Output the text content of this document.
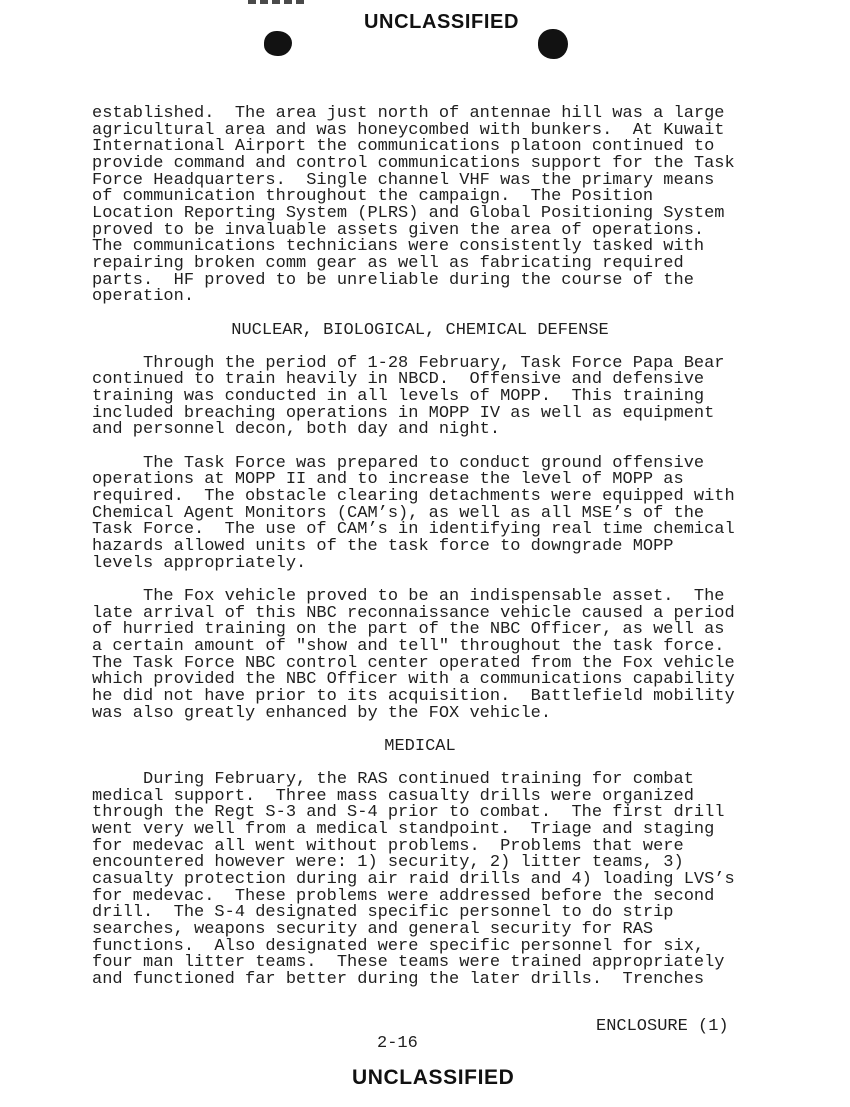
UNCLASSIFIED
established.  The area just north of antennae hill was a large
agricultural area and was honeycombed with bunkers.  At Kuwait
International Airport the communications platoon continued to
provide command and control communications support for the Task
Force Headquarters.  Single channel VHF was the primary means
of communication throughout the campaign.  The Position
Location Reporting System (PLRS) and Global Positioning System
proved to be invaluable assets given the area of operations.
The communications technicians were consistently tasked with
repairing broken comm gear as well as fabricating required
parts.  HF proved to be unreliable during the course of the
operation.
NUCLEAR, BIOLOGICAL, CHEMICAL DEFENSE
Through the period of 1-28 February, Task Force Papa Bear
continued to train heavily in NBCD.  Offensive and defensive
training was conducted in all levels of MOPP.  This training
included breaching operations in MOPP IV as well as equipment
and personnel decon, both day and night.
The Task Force was prepared to conduct ground offensive
operations at MOPP II and to increase the level of MOPP as
required.  The obstacle clearing detachments were equipped with
Chemical Agent Monitors (CAM’s), as well as all MSE’s of the
Task Force.  The use of CAM’s in identifying real time chemical
hazards allowed units of the task force to downgrade MOPP
levels appropriately.
The Fox vehicle proved to be an indispensable asset.  The
late arrival of this NBC reconnaissance vehicle caused a period
of hurried training on the part of the NBC Officer, as well as
a certain amount of "show and tell" throughout the task force.
The Task Force NBC control center operated from the Fox vehicle
which provided the NBC Officer with a communications capability
he did not have prior to its acquisition.  Battlefield mobility
was also greatly enhanced by the FOX vehicle.
MEDICAL
During February, the RAS continued training for combat
medical support.  Three mass casualty drills were organized
through the Regt S-3 and S-4 prior to combat.  The first drill
went very well from a medical standpoint.  Triage and staging
for medevac all went without problems.  Problems that were
encountered however were: 1) security, 2) litter teams, 3)
casualty protection during air raid drills and 4) loading LVS’s
for medevac.  These problems were addressed before the second
drill.  The S-4 designated specific personnel to do strip
searches, weapons security and general security for RAS
functions.  Also designated were specific personnel for six,
four man litter teams.  These teams were trained appropriately
and functioned far better during the later drills.  Trenches
ENCLOSURE (1)
2-16
UNCLASSIFIED
